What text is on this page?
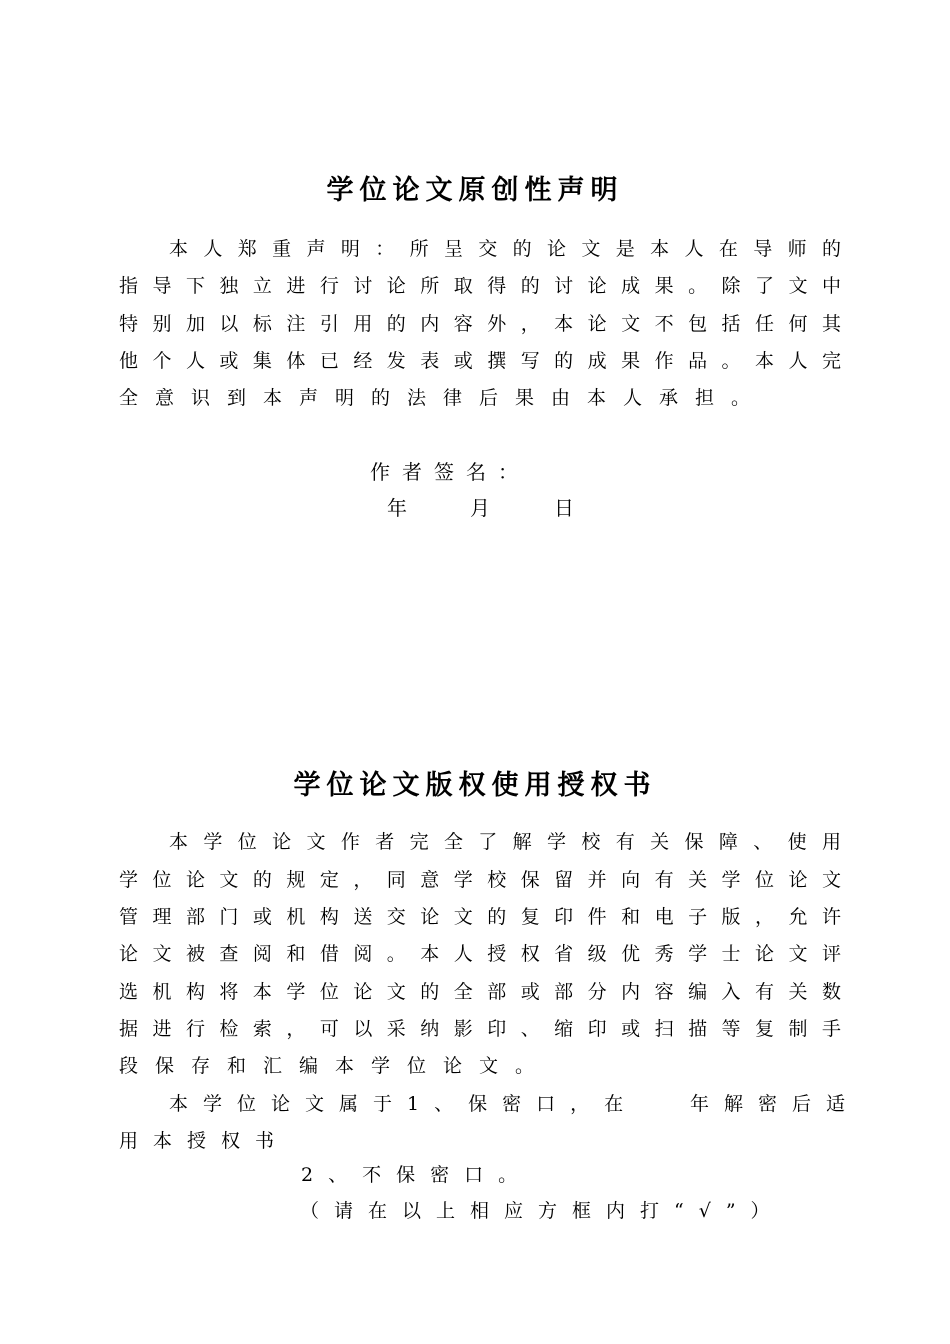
学位论文原创性声明
本人郑重声明：所呈交的论文是本人在导师的
指导下独立进行讨论所取得的讨论成果。除了文中
特别加以标注引用的内容外，本论文不包括任何其
他个人或集体已经发表或撰写的成果作品。本人完
全意识到本声明的法律后果由本人承担。
作者签名：
年	月	日
学位论文版权使用授权书
本学位论文作者完全了解学校有关保障、使用
学位论文的规定，同意学校保留并向有关学位论文
管理部门或机构送交论文的复印件和电子版，允许
论文被查阅和借阅。本人授权省级优秀学士论文评
选机构将本学位论文的全部或部分内容编入有关数
据进行检索，可以采纳影印、缩印或扫描等复制手
段保存和汇编本学位论文。
本学位论文属于1、保密口，在	年解密后适
用本授权书
2、不保密口。
（请在以上相应方框内打“√”）
